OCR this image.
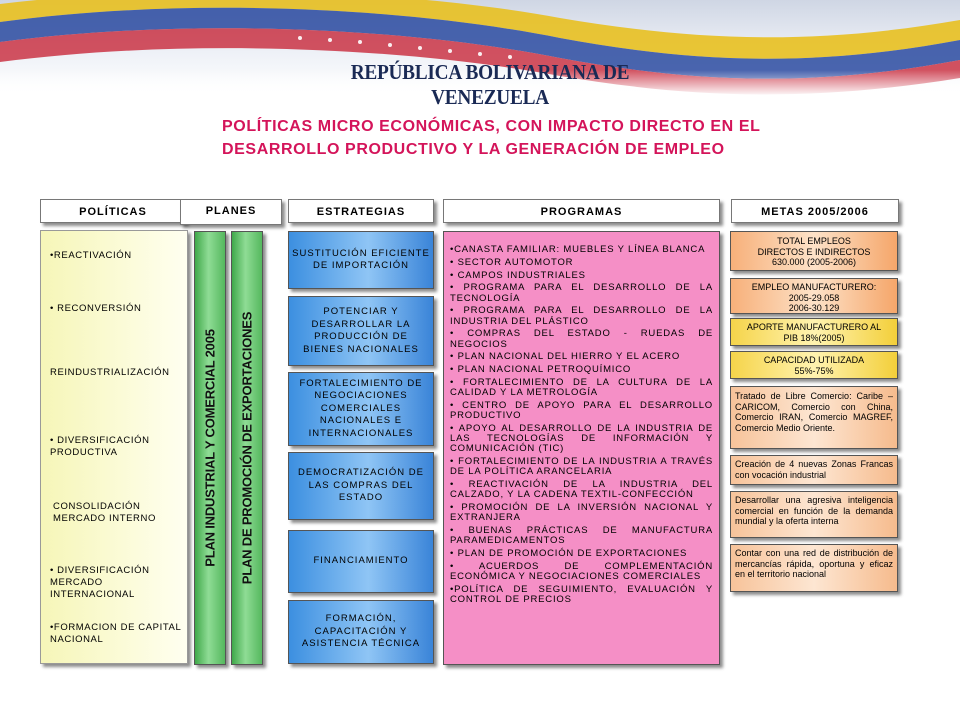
REPÚBLICA BOLIVARIANA DE VENEZUELA
POLÍTICAS MICRO ECONÓMICAS, CON IMPACTO DIRECTO EN EL
DESARROLLO PRODUCTIVO Y LA GENERACIÓN DE EMPLEO
POLÍTICAS	PLANES	ESTRATEGIAS	PROGRAMAS	METAS 2005/2006
•REACTIVACIÓN
• RECONVERSIÓN
REINDUSTRIALIZACIÓN
• DIVERSIFICACIÓN PRODUCTIVA
CONSOLIDACIÓN MERCADO INTERNO
• DIVERSIFICACIÓN MERCADO INTERNACIONAL
•FORMACION DE CAPITAL NACIONAL
PLAN INDUSTRIAL Y COMERCIAL 2005 PLAN DE PROMOCIÓN DE EXPORTACIONES
SUSTITUCIÓN EFICIENTE DE IMPORTACIÓN
POTENCIAR Y DESARROLLAR LA PRODUCCIÓN DE BIENES NACIONALES
FORTALECIMIENTO DE NEGOCIACIONES COMERCIALES NACIONALES E INTERNACIONALES
DEMOCRATIZACIÓN DE LAS COMPRAS DEL ESTADO
FINANCIAMIENTO
FORMACIÓN, CAPACITACIÓN Y ASISTENCIA TÉCNICA
•CANASTA FAMILIAR: MUEBLES Y LÍNEA BLANCA
• SECTOR AUTOMOTOR
• CAMPOS INDUSTRIALES
• PROGRAMA PARA EL DESARROLLO DE LA TECNOLOGÍA
• PROGRAMA PARA EL DESARROLLO DE LA INDUSTRIA DEL PLÁSTICO
• COMPRAS DEL ESTADO - RUEDAS DE NEGOCIOS
• PLAN NACIONAL DEL HIERRO Y EL ACERO
• PLAN NACIONAL PETROQUÍMICO
• FORTALECIMIENTO DE LA CULTURA DE LA CALIDAD Y LA METROLOGÍA
• CENTRO DE APOYO PARA EL DESARROLLO PRODUCTIVO
• APOYO AL DESARROLLO DE LA INDUSTRIA DE LAS TECNOLOGÍAS DE INFORMACIÓN Y COMUNICACIÓN (TIC)
• FORTALECIMIENTO DE LA INDUSTRIA A TRAVÉS DE LA POLÍTICA ARANCELARIA
• REACTIVACIÓN DE LA INDUSTRIA DEL CALZADO, Y LA CADENA TEXTIL-CONFECCIÓN
• PROMOCIÓN DE LA INVERSIÓN NACIONAL Y EXTRANJERA
• BUENAS PRÁCTICAS DE MANUFACTURA PARAMEDICAMENTOS
• PLAN DE PROMOCIÓN DE EXPORTACIONES
• ACUERDOS DE COMPLEMENTACIÓN ECONÓMICA Y NEGOCIACIONES COMERCIALES
•POLÍTICA DE SEGUIMIENTO, EVALUACIÓN Y CONTROL DE PRECIOS
TOTAL EMPLEOS
DIRECTOS E INDIRECTOS
630.000 (2005-2006)
EMPLEO MANUFACTURERO:
2005-29.058
2006-30.129
APORTE MANUFACTURERO AL
PIB 18%(2005)
CAPACIDAD UTILIZADA
55%-75%
Tratado de Libre Comercio: Caribe – CARICOM, Comercio con China, Comercio IRAN, Comercio MAGREF, Comercio Medio Oriente.
Creación de 4 nuevas Zonas Francas con vocación industrial
Desarrollar una agresiva inteligencia comercial en función de la demanda mundial y la oferta interna
Contar con una red de distribución de mercancías rápida, oportuna y eficaz en el territorio nacional
